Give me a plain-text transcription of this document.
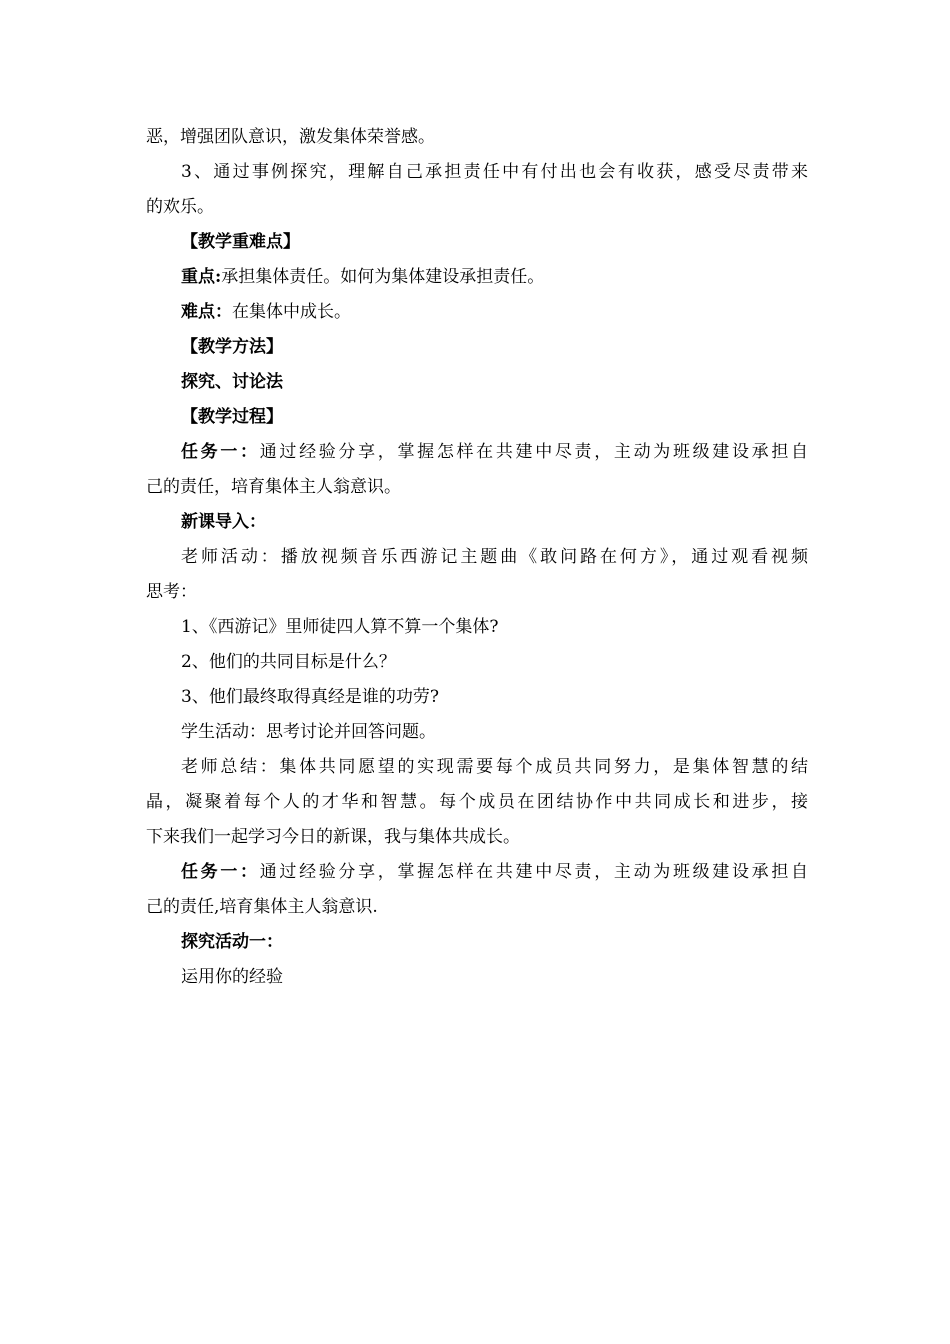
恶，增强团队意识，激发集体荣誉感。

3、通过事例探究，理解自己承担责任中有付出也会有收获，感受尽责带来

的欢乐。

【教学重难点】

重点:承担集体责任。如何为集体建设承担责任。

难点：在集体中成长。

【教学方法】

探究、讨论法

【教学过程】

任务一：通过经验分享，掌握怎样在共建中尽责，主动为班级建设承担自

己的责任，培育集体主人翁意识。

新课导入：

老师活动：播放视频音乐西游记主题曲《敢问路在何方》，通过观看视频

思考：

1、《西游记》里师徒四人算不算一个集体?

2、他们的共同目标是什么？

3、他们最终取得真经是谁的功劳?

学生活动：思考讨论并回答问题。

老师总结：集体共同愿望的实现需要每个成员共同努力，是集体智慧的结

晶，凝聚着每个人的才华和智慧。每个成员在团结协作中共同成长和进步，接

下来我们一起学习今日的新课，我与集体共成长。

任务一：通过经验分享，掌握怎样在共建中尽责，主动为班级建设承担自

己的责任,培育集体主人翁意识.

探究活动一：

运用你的经验
